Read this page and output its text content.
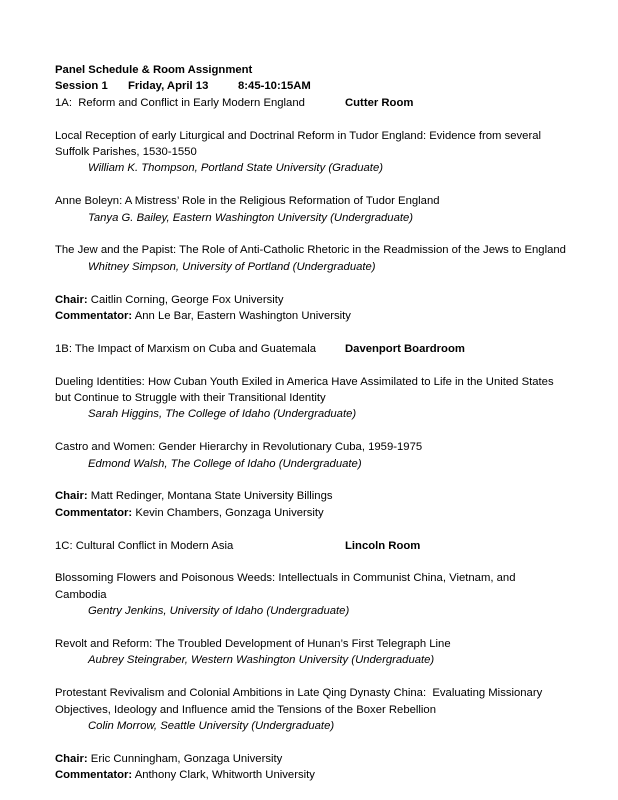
Panel Schedule & Room Assignment
Session 1	Friday, April 13	8:45-10:15AM
1A:  Reform and Conflict in Early Modern England	Cutter Room
Local Reception of early Liturgical and Doctrinal Reform in Tudor England: Evidence from several Suffolk Parishes, 1530-1550
William K. Thompson, Portland State University (Graduate)
Anne Boleyn: A Mistress’ Role in the Religious Reformation of Tudor England
Tanya G. Bailey, Eastern Washington University (Undergraduate)
The Jew and the Papist: The Role of Anti-Catholic Rhetoric in the Readmission of the Jews to England
Whitney Simpson, University of Portland (Undergraduate)
Chair: Caitlin Corning, George Fox University
Commentator: Ann Le Bar, Eastern Washington University
1B: The Impact of Marxism on Cuba and Guatemala	Davenport Boardroom
Dueling Identities: How Cuban Youth Exiled in America Have Assimilated to Life in the United States but Continue to Struggle with their Transitional Identity
Sarah Higgins, The College of Idaho (Undergraduate)
Castro and Women: Gender Hierarchy in Revolutionary Cuba, 1959-1975
Edmond Walsh, The College of Idaho (Undergraduate)
Chair: Matt Redinger, Montana State University Billings
Commentator: Kevin Chambers, Gonzaga University
1C: Cultural Conflict in Modern Asia	Lincoln Room
Blossoming Flowers and Poisonous Weeds: Intellectuals in Communist China, Vietnam, and Cambodia
Gentry Jenkins, University of Idaho (Undergraduate)
Revolt and Reform: The Troubled Development of Hunan’s First Telegraph Line
Aubrey Steingraber, Western Washington University (Undergraduate)
Protestant Revivalism and Colonial Ambitions in Late Qing Dynasty China:  Evaluating Missionary Objectives, Ideology and Influence amid the Tensions of the Boxer Rebellion
Colin Morrow, Seattle University (Undergraduate)
Chair: Eric Cunningham, Gonzaga University
Commentator: Anthony Clark, Whitworth University
